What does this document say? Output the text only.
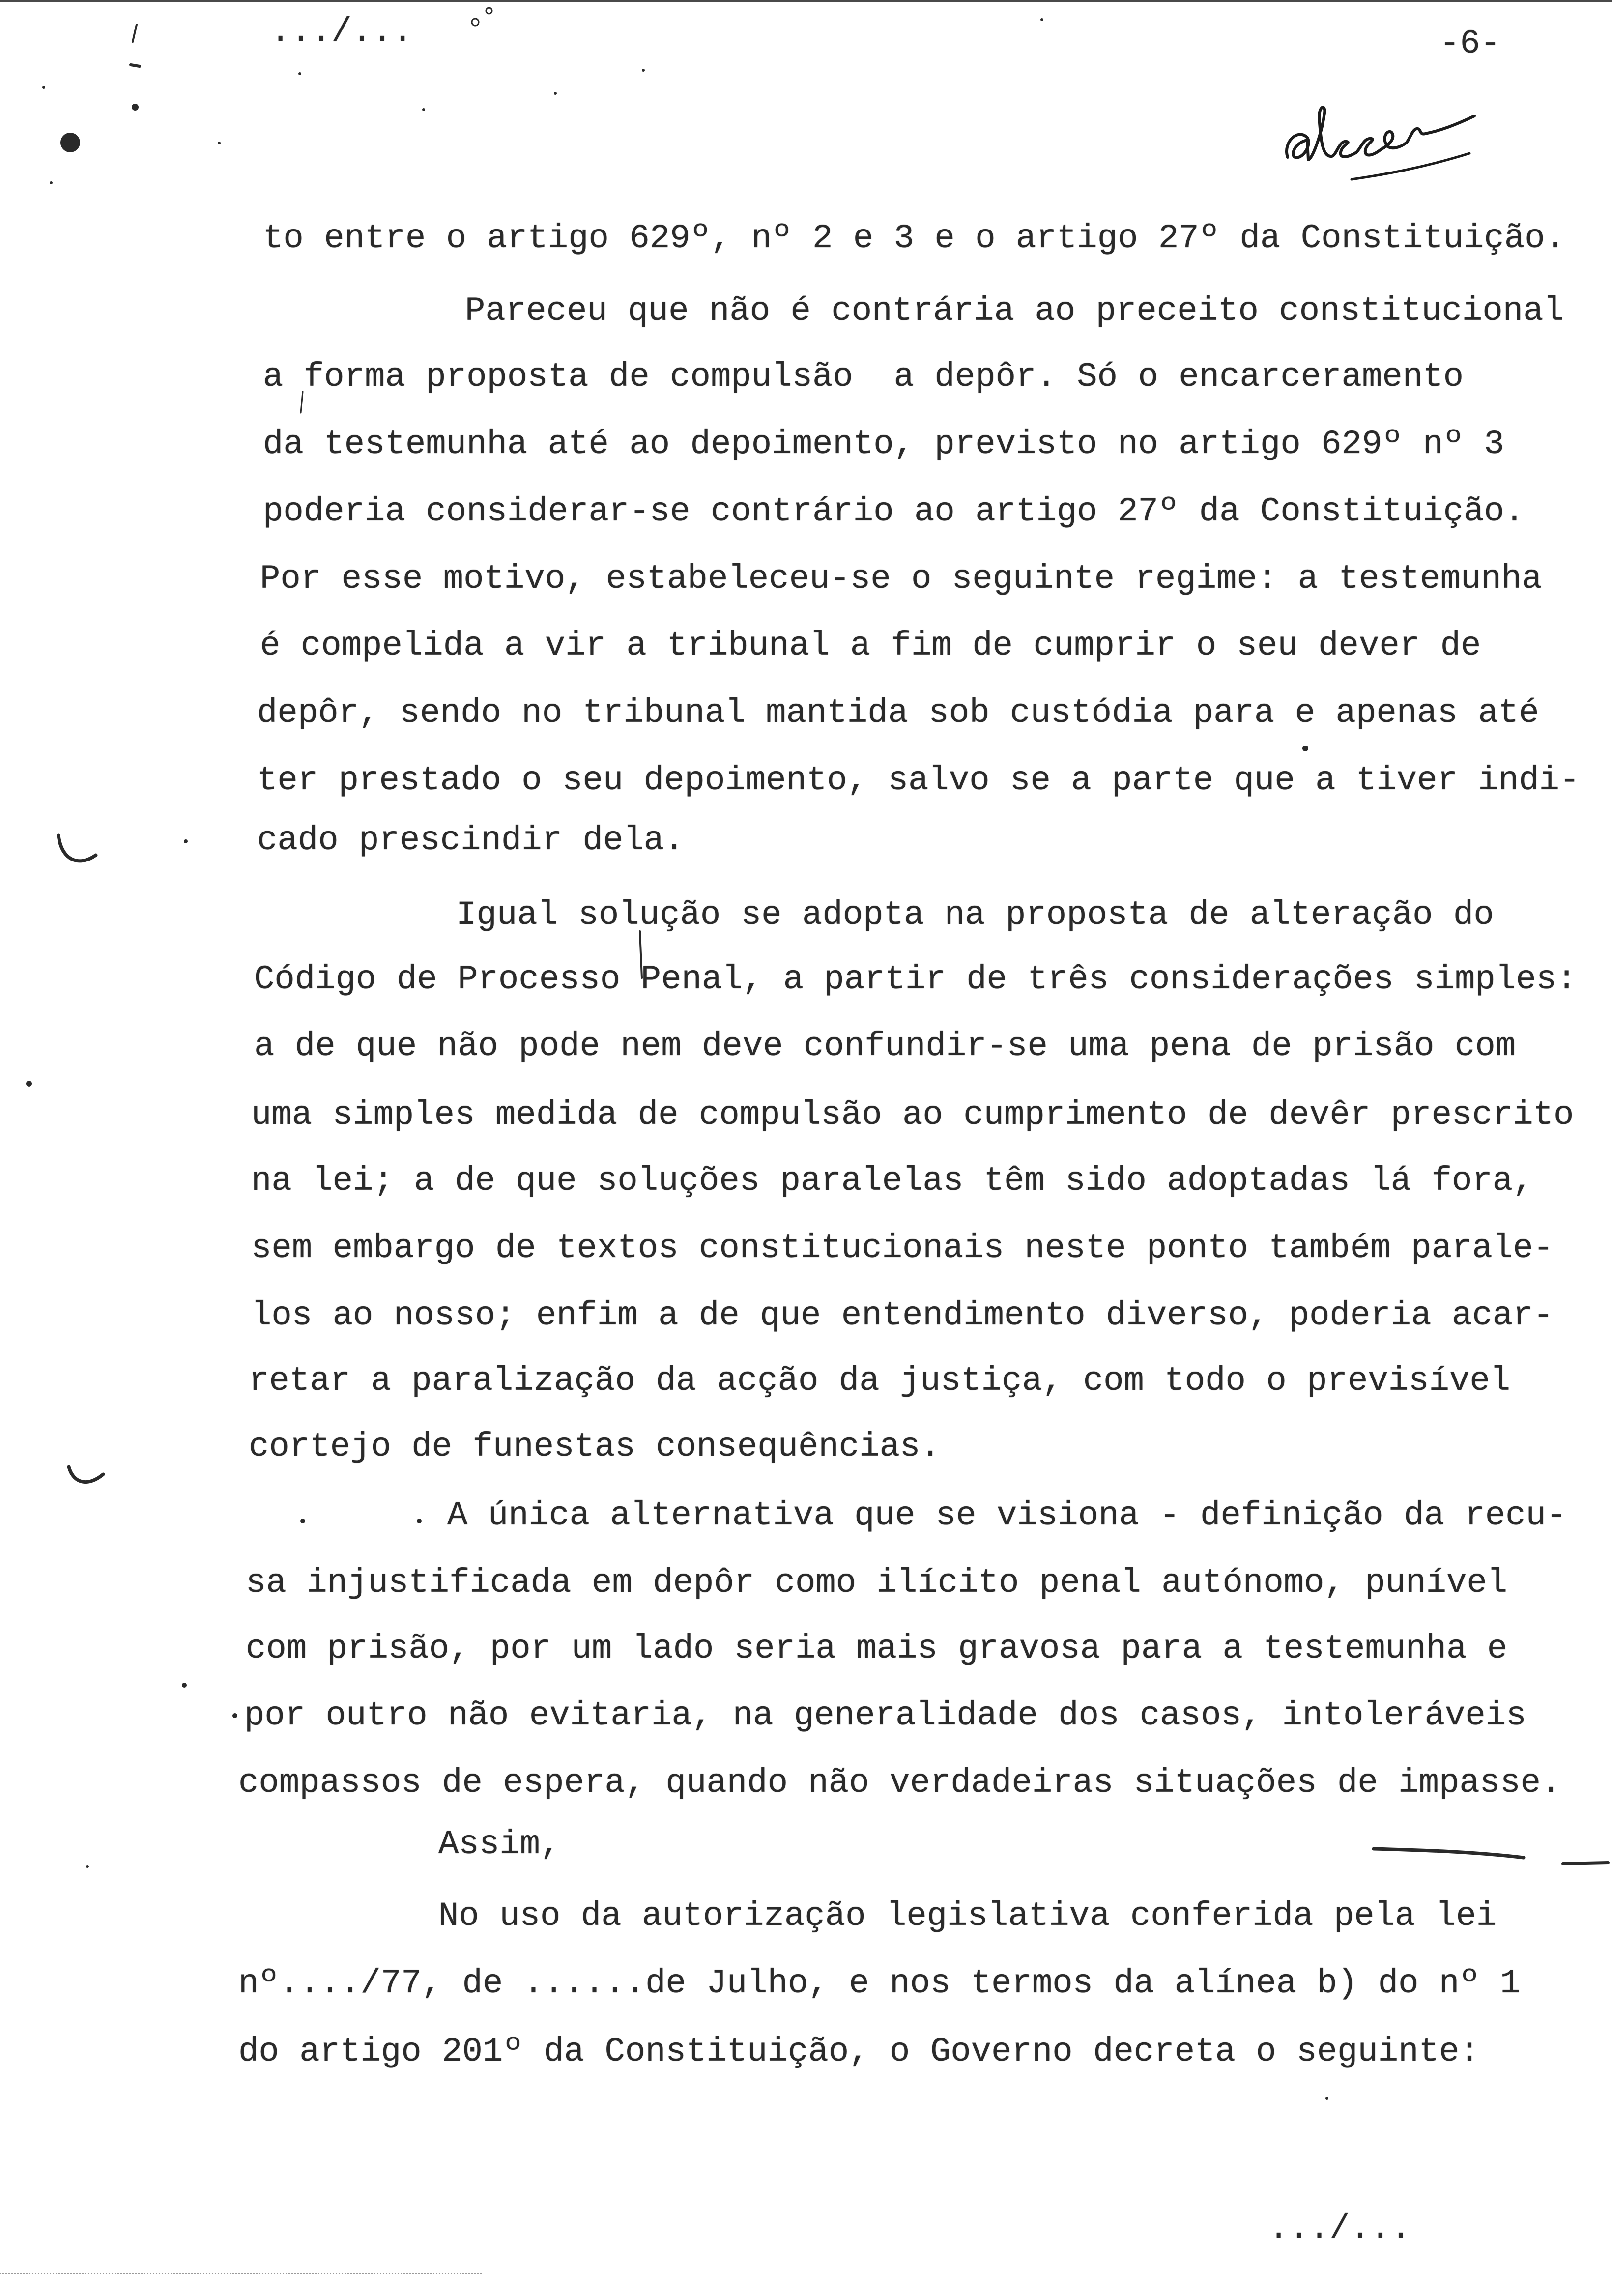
.../...	-6-
to entre o artigo 629º, nº 2 e 3 e o artigo 27º da Constituição.
Pareceu que não é contrária ao preceito constitucional
a forma proposta de compulsão  a depôr. Só o encarceramento
da testemunha até ao depoimento, previsto no artigo 629º nº 3
poderia considerar-se contrário ao artigo 27º da Constituição.
Por esse motivo, estabeleceu-se o seguinte regime: a testemunha
é compelida a vir a tribunal a fim de cumprir o seu dever de
depôr, sendo no tribunal mantida sob custódia para e apenas até
ter prestado o seu depoimento, salvo se a parte que a tiver indi-
cado prescindir dela.
Igual solução se adopta na proposta de alteração do
Código de Processo Penal, a partir de três considerações simples:
a de que não pode nem deve confundir-se uma pena de prisão com
uma simples medida de compulsão ao cumprimento de devêr prescrito
na lei; a de que soluções paralelas têm sido adoptadas lá fora,
sem embargo de textos constitucionais neste ponto também parale-
los ao nosso; enfim a de que entendimento diverso, poderia acar-
retar a paralização da acção da justiça, com todo o previsível
cortejo de funestas consequências.
A única alternativa que se visiona - definição da recu-
sa injustificada em depôr como ilícito penal autónomo, punível
com prisão, por um lado seria mais gravosa para a testemunha e
por outro não evitaria, na generalidade dos casos, intoleráveis
compassos de espera, quando não verdadeiras situações de impasse.
Assim,
No uso da autorização legislativa conferida pela lei
nº..../77, de ......de Julho, e nos termos da alínea b) do nº 1
do artigo 201º da Constituição, o Governo decreta o seguinte:
.../...
